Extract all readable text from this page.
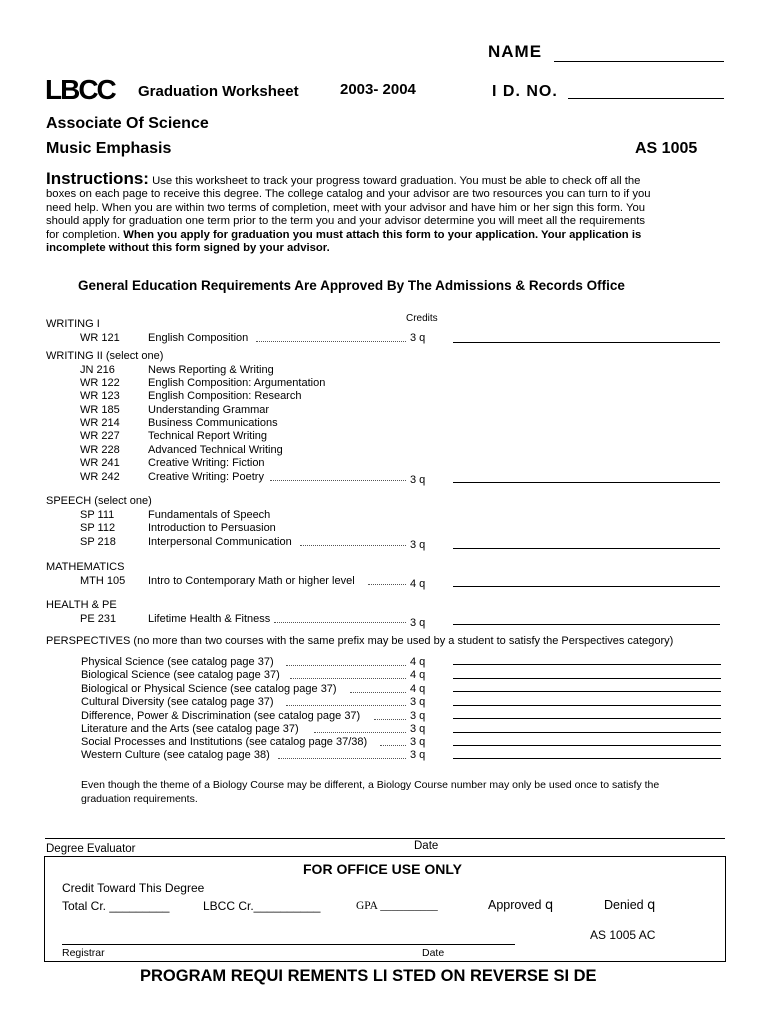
NAME
LBCC Graduation Worksheet	2003- 2004	I D. NO.
Associate Of Science
Music Emphasis	AS 1005
Instructions: Use this worksheet to track your progress toward graduation. You must be able to check off all the
boxes on each page to receive this degree. The college catalog and your advisor are two resources you can turn to if you
need help. When you are within two terms of completion, meet with your advisor and have him or her sign this form. You
should apply for graduation one term prior to the term you and your advisor determine you will meet all the requirements
for completion. When you apply for graduation you must attach this form to your application. Your application is
incomplete without this form signed by your advisor.
General Education Requirements Are Approved By The Admissions & Records Office
Credits
WRITING I
WR 121	English Composition	3 q
WRITING II (select one)
JN 216	News Reporting & Writing
WR 122	English Composition: Argumentation
WR 123	English Composition: Research
WR 185	Understanding Grammar
WR 214	Business Communications
WR 227	Technical Report Writing
WR 228	Advanced Technical Writing
WR 241	Creative Writing: Fiction
WR 242	Creative Writing: Poetry	3 q
SPEECH (select one)
SP 111	Fundamentals of Speech
SP 112	Introduction to Persuasion
SP 218	Interpersonal Communication	3 q
MATHEMATICS
MTH 105 Intro to Contemporary Math or higher level	4 q
HEALTH & PE
PE 231	Lifetime Health & Fitness	3 q
PERSPECTIVES (no more than two courses with the same prefix may be used by a student to satisfy the Perspectives category)
Physical Science (see catalog page 37)	4 q
Biological Science (see catalog page 37)	4 q
Biological or Physical Science (see catalog page 37)	4 q
Cultural Diversity (see catalog page 37)	3 q
Difference, Power & Discrimination (see catalog page 37)	3 q
Literature and the Arts (see catalog page 37)	3 q
Social Processes and Institutions (see catalog page 37/38)	3 q
Western Culture (see catalog page 38)	3 q
Even though the theme of a Biology Course may be different, a Biology Course number may only be used once to satisfy the
graduation requirements.
Degree Evaluator	Date
FOR OFFICE USE ONLY
Credit Toward This Degree
Total Cr. _________	LBCC Cr.__________	GPA __________	Approved q	Denied q
AS 1005 AC
Registrar	Date
PROGRAM REQUI REMENTS LI STED ON REVERSE SI DE
